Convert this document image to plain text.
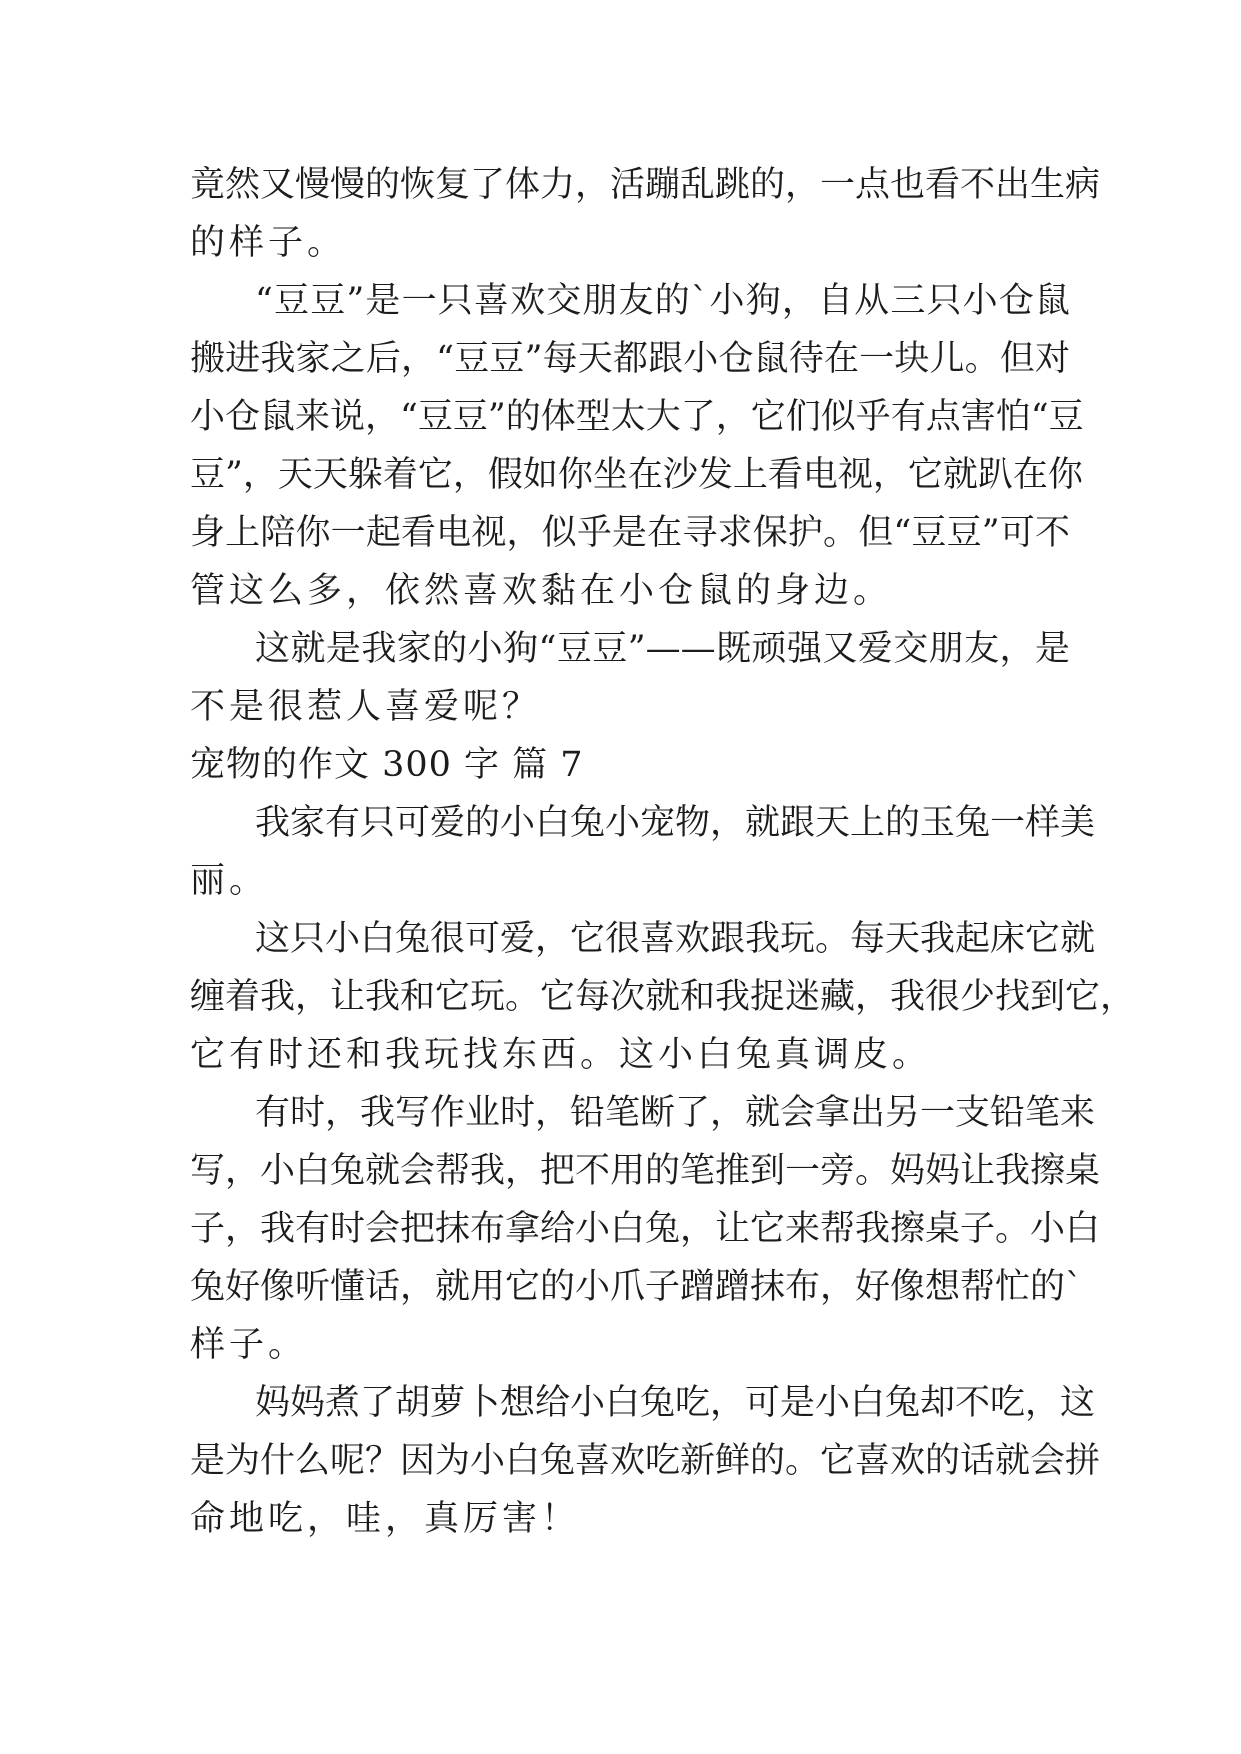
竟然又慢慢的恢复了体力，活蹦乱跳的，一点也看不出生病
的样子。
“豆豆”是一只喜欢交朋友的`小狗，自从三只小仓鼠
搬进我家之后，“豆豆”每天都跟小仓鼠待在一块儿。但对
小仓鼠来说，“豆豆”的体型太大了，它们似乎有点害怕“豆
豆”，天天躲着它，假如你坐在沙发上看电视，它就趴在你
身上陪你一起看电视，似乎是在寻求保护。但“豆豆”可不
管这么多，依然喜欢黏在小仓鼠的身边。
这就是我家的小狗“豆豆”——既顽强又爱交朋友，是
不是很惹人喜爱呢？
宠物的作文 300 字 篇 7
我家有只可爱的小白兔小宠物，就跟天上的玉兔一样美
丽。
这只小白兔很可爱，它很喜欢跟我玩。每天我起床它就
缠着我，让我和它玩。它每次就和我捉迷藏，我很少找到它，
它有时还和我玩找东西。这小白兔真调皮。
有时，我写作业时，铅笔断了，就会拿出另一支铅笔来
写，小白兔就会帮我，把不用的笔推到一旁。妈妈让我擦桌
子，我有时会把抹布拿给小白兔，让它来帮我擦桌子。小白
兔好像听懂话，就用它的小爪子蹭蹭抹布，好像想帮忙的`
样子。
妈妈煮了胡萝卜想给小白兔吃，可是小白兔却不吃，这
是为什么呢？因为小白兔喜欢吃新鲜的。它喜欢的话就会拼
命地吃，哇，真厉害！
